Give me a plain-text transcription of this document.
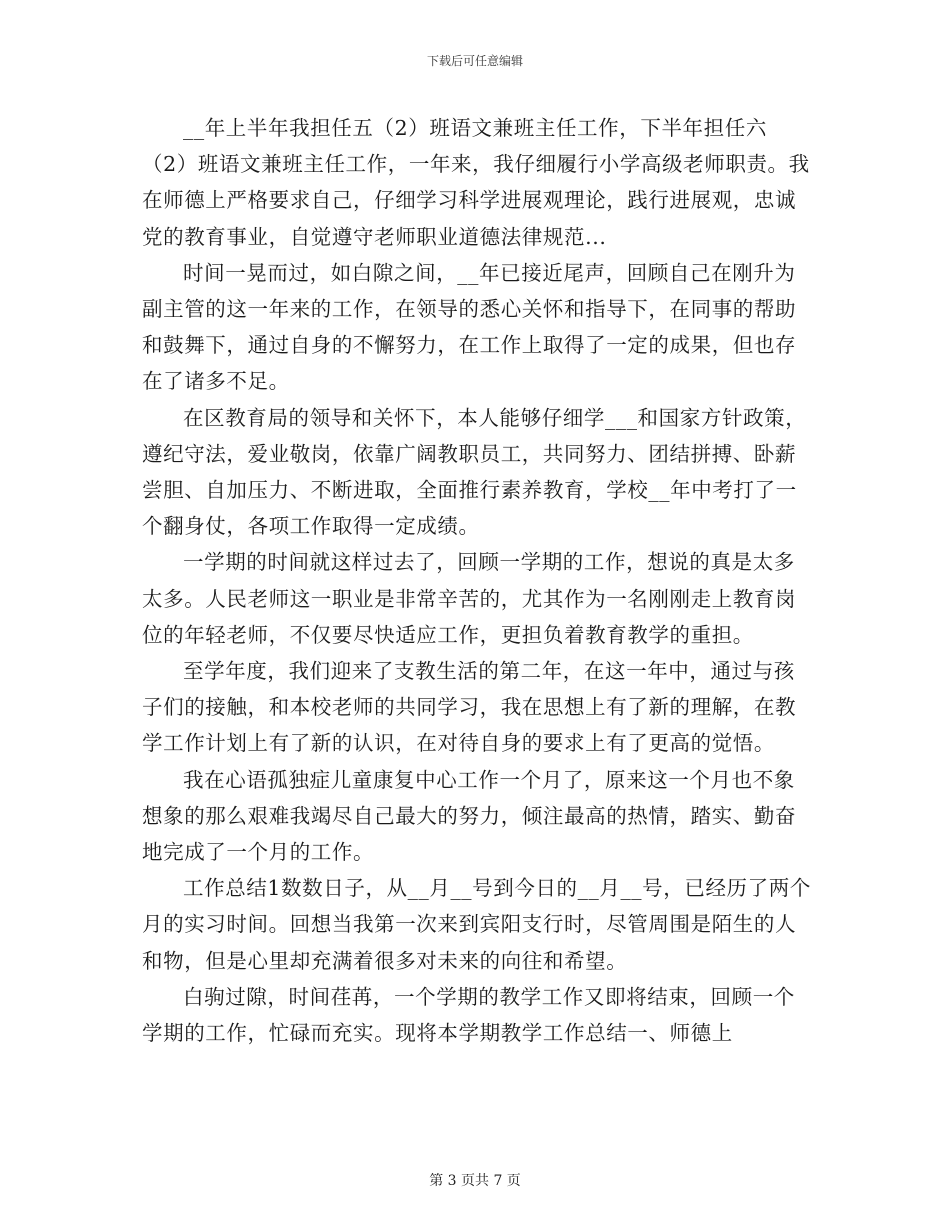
下载后可任意编辑

__年上半年我担任五（2）班语文兼班主任工作，下半年担任六（2）班语文兼班主任工作，一年来，我仔细履行小学高级老师职责。我在师德上严格要求自己，仔细学习科学进展观理论，践行进展观，忠诚党的教育事业，自觉遵守老师职业道德法律规范...

时间一晃而过，如白隙之间，__年已接近尾声，回顾自己在刚升为副主管的这一年来的工作，在领导的悉心关怀和指导下，在同事的帮助和鼓舞下，通过自身的不懈努力，在工作上取得了一定的成果，但也存在了诸多不足。

在区教育局的领导和关怀下，本人能够仔细学___和国家方针政策，遵纪守法，爱业敬岗，依靠广阔教职员工，共同努力、团结拼搏、卧薪尝胆、自加压力、不断进取，全面推行素养教育，学校__年中考打了一个翻身仗，各项工作取得一定成绩。

一学期的时间就这样过去了，回顾一学期的工作，想说的真是太多太多。人民老师这一职业是非常辛苦的，尤其作为一名刚刚走上教育岗位的年轻老师，不仅要尽快适应工作，更担负着教育教学的重担。

至学年度，我们迎来了支教生活的第二年，在这一年中，通过与孩子们的接触，和本校老师的共同学习，我在思想上有了新的理解，在教学工作计划上有了新的认识，在对待自身的要求上有了更高的觉悟。

我在心语孤独症儿童康复中心工作一个月了，原来这一个月也不象想象的那么艰难我竭尽自己最大的努力，倾注最高的热情，踏实、勤奋地完成了一个月的工作。

工作总结1数数日子，从__月__号到今日的__月__号，已经历了两个月的实习时间。回想当我第一次来到宾阳支行时，尽管周围是陌生的人和物，但是心里却充满着很多对未来的向往和希望。

白驹过隙，时间荏苒，一个学期的教学工作又即将结束，回顾一个学期的工作，忙碌而充实。现将本学期教学工作总结一、师德上

第 3 页共 7 页
